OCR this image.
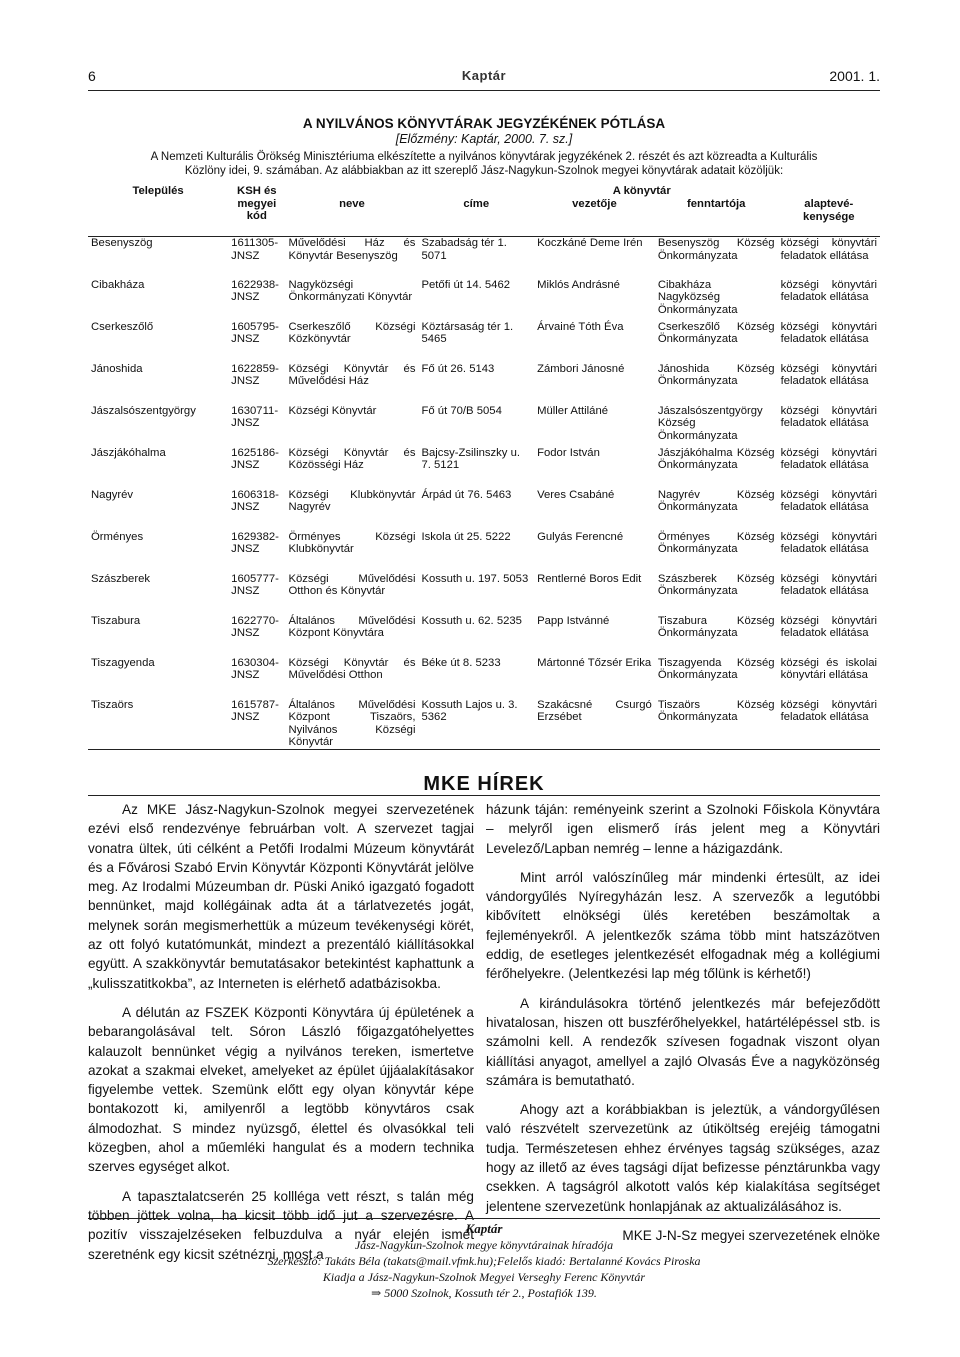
6	Kaptár	2001. 1.
A NYILVÁNOS KÖNYVTÁRAK JEGYZÉKÉNEK PÓTLÁSA
[Előzmény: Kaptár, 2000. 7. sz.]
A Nemzeti Kulturális Örökség Minisztériuma elkészítette a nyilvános könyvtárak jegyzékének 2. részét és azt közreadta a Kulturális Közlöny idei, 9. számában. Az alábbiakban az itt szereplő Jász-Nagykun-Szolnok megyei könyvtárak adatait közöljük:
Település	KSH és megyei kód	A könyvtár				
		neve	címe	vezetője	fenntartója	alaptevé-kenysége
Besenyszög	1611305- JNSZ	Művelődési Ház és Könyvtár Besenyszög	Szabadság tér 1. 5071	Koczkáné Deme Irén	Besenyszög Község Önkormányzata	községi könyvtári feladatok ellátása
Cibakháza	1622938- JNSZ	Nagyközségi Önkormányzati Könyvtár	Petőfi út 14. 5462	Miklós Andrásné	Cibakháza Nagyközség Önkormányzata	községi könyvtári feladatok ellátása
Cserkeszőlő	1605795- JNSZ	Cserkeszőlő Községi Közkönyvtár	Köztársaság tér 1. 5465	Árvainé Tóth Éva	Cserkeszőlő Község Önkormányzata	községi könyvtári feladatok ellátása
Jánoshida	1622859- JNSZ	Községi Könyvtár és Művelődési Ház	Fő út 26. 5143	Zámbori Jánosné	Jánoshida Község Önkormányzata	községi könyvtári feladatok ellátása
Jászalsószentgyörgy	1630711- JNSZ	Községi Könyvtár	Fő út 70/B 5054	Müller Attiláné	Jászalsószentgyörgy Község Önkormányzata	községi könyvtári feladatok ellátása
Jászjákóhalma	1625186- JNSZ	Községi Könyvtár és Közösségi Ház	Bajcsy-Zsilinszky u. 7. 5121	Fodor István	Jászjákóhalma Község Önkormányzata	községi könyvtári feladatok ellátása
Nagyrév	1606318- JNSZ	Községi Klubkönyvtár Nagyrév	Árpád út 76. 5463	Veres Csabáné	Nagyrév Község Önkormányzata	községi könyvtári feladatok ellátása
Örményes	1629382- JNSZ	Örményes Községi Klubkönyvtár	Iskola út 25. 5222	Gulyás Ferencné	Örményes Község Önkormányzata	községi könyvtári feladatok ellátása
Szászberek	1605777- JNSZ	Községi Művelődési Otthon és Könyvtár	Kossuth u. 197. 5053	Rentlerné Boros Edit	Szászberek Község Önkormányzata	községi könyvtári feladatok ellátása
Tiszabura	1622770- JNSZ	Általános Művelődési Központ Könyvtára	Kossuth u. 62. 5235	Papp Istvánné	Tiszabura Község Önkormányzata	községi könyvtári feladatok ellátása
Tiszagyenda	1630304- JNSZ	Községi Könyvtár és Művelődési Otthon	Béke út 8. 5233	Mártonné Tőzsér Erika	Tiszagyenda Község Önkormányzata	községi és iskolai könyvtári ellátása
Tiszaörs	1615787- JNSZ	Általános Művelődési Központ Tiszaörs, Nyilvános Községi Könyvtár	Kossuth Lajos u. 3. 5362	Szakácsné Csurgó Erzsébet	Tiszaörs Község Önkormányzata	községi könyvtári feladatok ellátása
MKE HÍREK

Az MKE Jász-Nagykun-Szolnok megyei szervezetének ezévi első rendezvénye februárban volt. A szervezet tagjai vonatra ültek, úti célként a Petőfi Irodalmi Múzeum könyvtárát és a Fővárosi Szabó Ervin Könyvtár Központi Könyvtárát jelölve meg. Az Irodalmi Múzeumban dr. Püski Anikó igazgató fogadott bennünket, majd kollégáinak adta át a tárlatvezetés jogát, melynek során megismerhettük a múzeum tevékenységi körét, az ott folyó kutatómunkát, mindezt a prezentáló kiállításokkal együtt. A szakkönyvtár bemutatásakor betekintést kaphattunk a „kulisszatitkokba”, az Interneten is elérhető adatbázisokba.

A délután az FSZEK Központi Könyvtára új épületének a bebarangolásával telt. Sóron László főigazgatóhelyettes kalauzolt bennünket végig a nyilvános tereken, ismertetve azokat a szakmai elveket, amelyeket az épület újjáalakításakor figyelembe vettek. Szemünk előtt egy olyan könyvtár képe bontakozott ki, amilyenről a legtöbb könyvtáros csak álmodozhat. S mindez nyüzsgő, élettel és olvasókkal teli közegben, ahol a műemléki hangulat és a modern technika szerves egységet alkot.

A tapasztalatcserén 25 kollléga vett részt, s talán még többen jöttek volna, ha kicsit több idő jut a szervezésre. A pozitív visszajelzéseken felbuzdulva a nyár elején ismét szeretnénk egy kicsit szétnézni, most a

házunk táján: reményeink szerint a Szolnoki Főiskola Könyvtára – melyről igen elismerő írás jelent meg a Könyvtári Levelező/Lapban nemrég – lenne a házigazdánk.

Mint arról valószínűleg már mindenki értesült, az idei vándorgyűlés Nyíregyházán lesz. A szervezők a legutóbbi kibővített elnökségi ülés keretében beszámoltak a fejleményekről. A jelentkezők száma több mint hatszázötven eddig, de esetleges jelentkezését elfogadnak még a kollégiumi férőhelyekre. (Jelentkezési lap még tőlünk is kérhető!)

A kirándulásokra történő jelentkezés már befejeződött hivatalosan, hiszen ott buszférőhelyekkel, határtélépéssel stb. is számolni kell. A rendezők szívesen fogadnak viszont olyan kiállítási anyagot, amellyel a zajló Olvasás Éve a nagyközönség számára is bemutatható.

Ahogy azt a korábbiakban is jeleztük, a vándorgyűlésen való részvételt szervezetünk az útiköltség erejéig támogatni tudja. Természetesen ehhez érvényes tagság szükséges, azaz hogy az illető az éves tagsági díjat befizesse pénztárunkba vagy csekken. A tagságról alkotott valós kép kialakítása segítséget jelentene szervezetünk honlapjának az aktualizálásához is.

MKE J-N-Sz megyei szervezetének elnöke

Kaptár
Jász-Nagykun-Szolnok megye könyvtárainak híradója
Szerkesztő: Takáts Béla (takats@mail.vfmk.hu);Felelős kiadó: Bertalanné Kovács Piroska
Kiadja a Jász-Nagykun-Szolnok Megyei Verseghy Ferenc Könyvtár
⇒ 5000 Szolnok, Kossuth tér 2., Postafiók 139.
